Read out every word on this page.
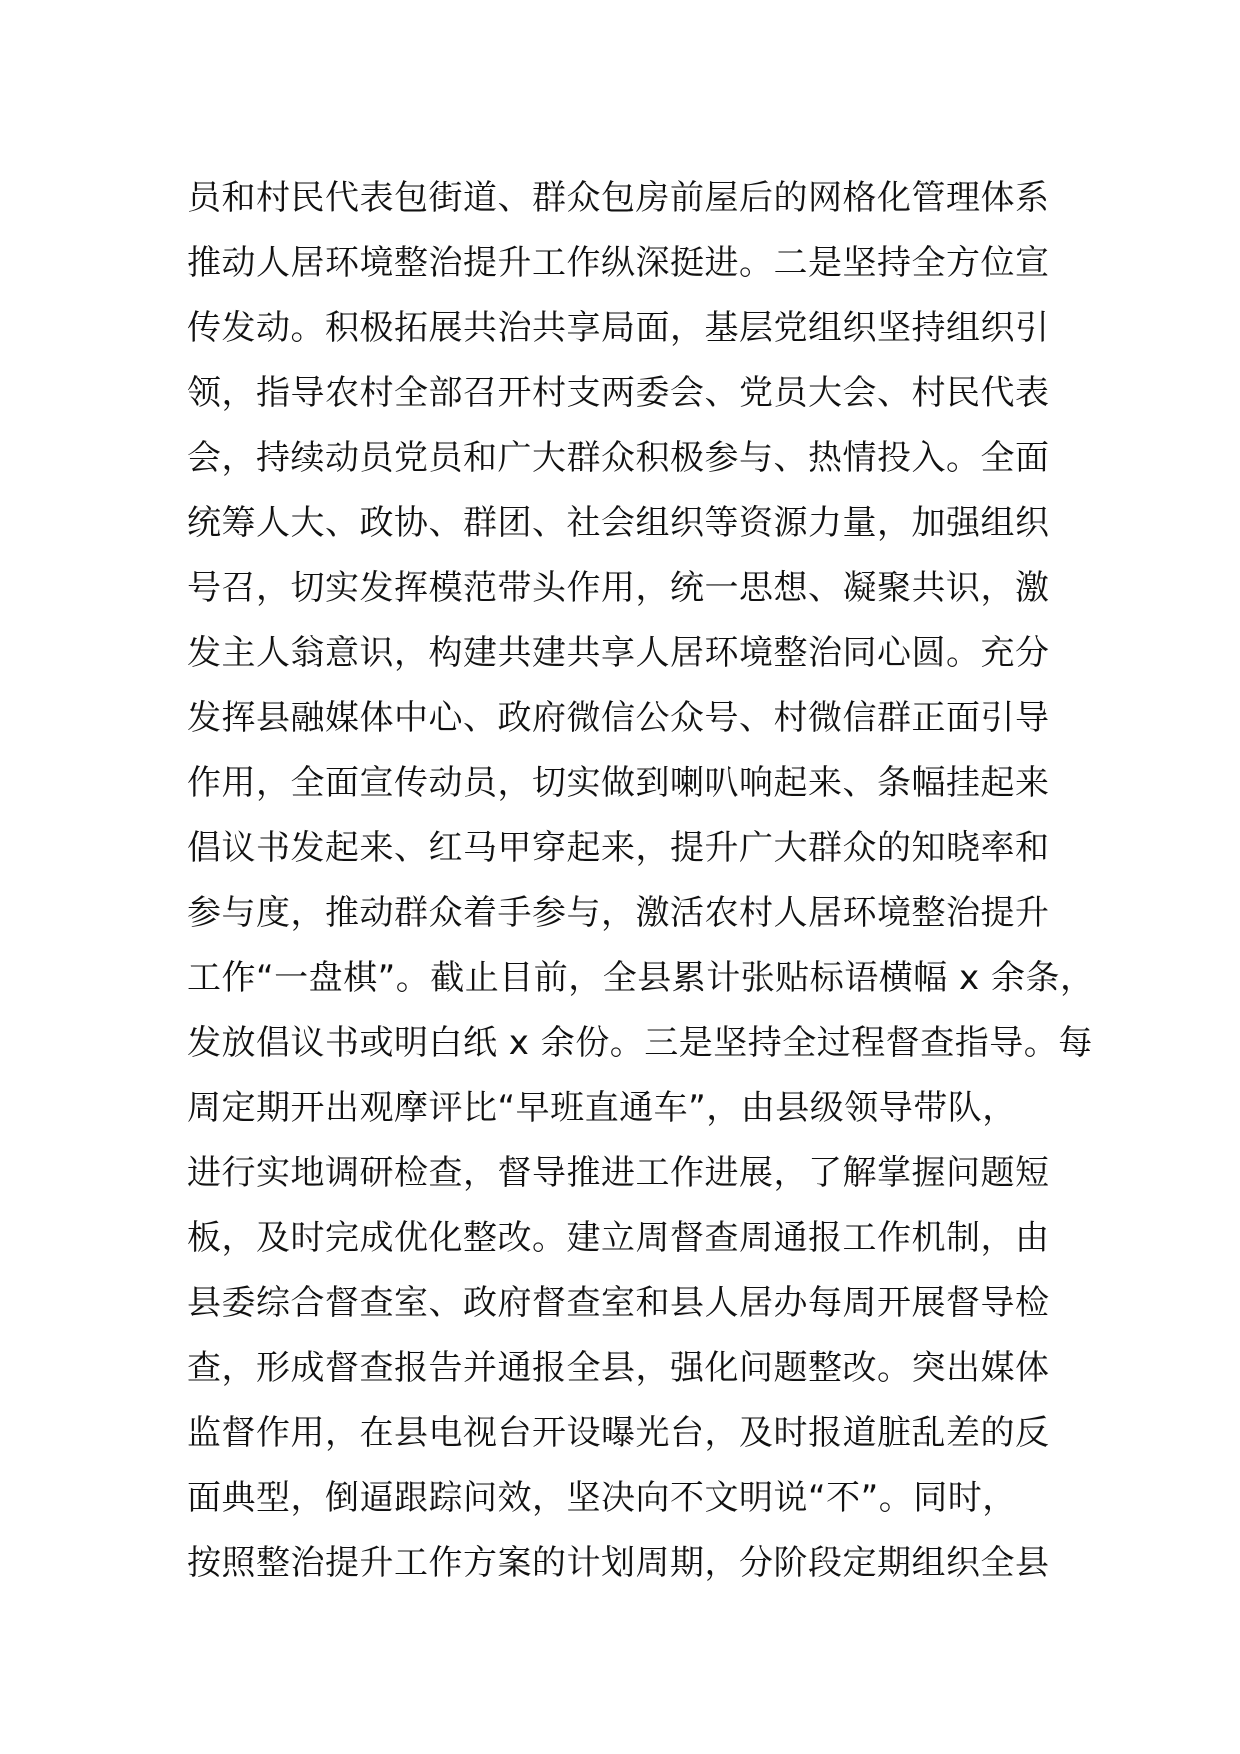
员和村民代表包街道、群众包房前屋后的网格化管理体系
推动人居环境整治提升工作纵深挺进。二是坚持全方位宣
传发动。积极拓展共治共享局面，基层党组织坚持组织引
领，指导农村全部召开村支两委会、党员大会、村民代表
会，持续动员党员和广大群众积极参与、热情投入。全面
统筹人大、政协、群团、社会组织等资源力量，加强组织
号召，切实发挥模范带头作用，统一思想、凝聚共识，激
发主人翁意识，构建共建共享人居环境整治同心圆。充分
发挥县融媒体中心、政府微信公众号、村微信群正面引导
作用，全面宣传动员，切实做到喇叭响起来、条幅挂起来
倡议书发起来、红马甲穿起来，提升广大群众的知晓率和
参与度，推动群众着手参与，激活农村人居环境整治提升
工作“一盘棋”。截止目前，全县累计张贴标语横幅 x 余条，
发放倡议书或明白纸 x 余份。三是坚持全过程督查指导。每
周定期开出观摩评比“早班直通车”，由县级领导带队，
进行实地调研检查，督导推进工作进展，了解掌握问题短
板，及时完成优化整改。建立周督查周通报工作机制，由
县委综合督查室、政府督查室和县人居办每周开展督导检
查，形成督查报告并通报全县，强化问题整改。突出媒体
监督作用，在县电视台开设曝光台，及时报道脏乱差的反
面典型，倒逼跟踪问效，坚决向不文明说“不”。同时，
按照整治提升工作方案的计划周期，分阶段定期组织全县
